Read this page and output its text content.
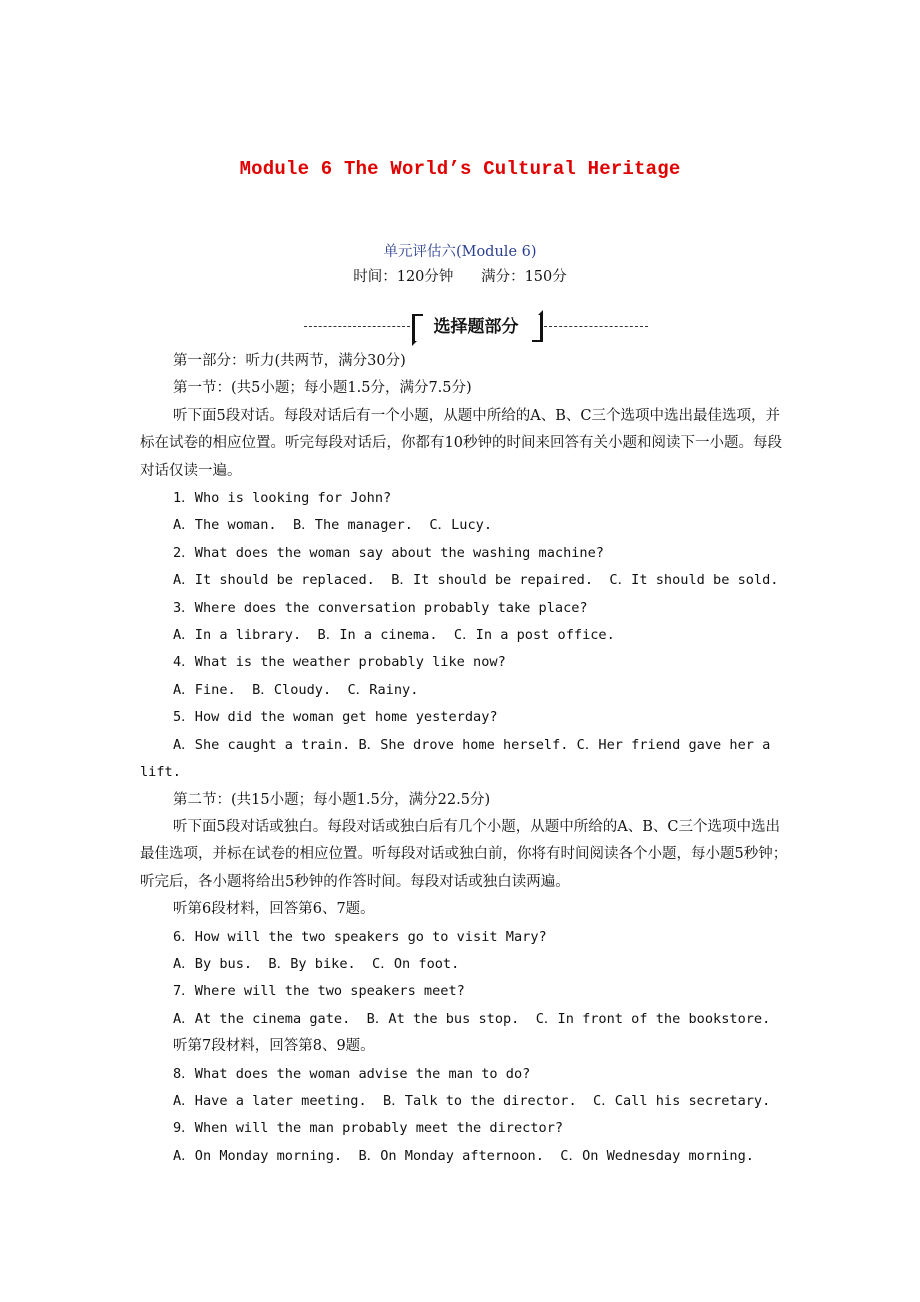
Module 6 The World’s Cultural Heritage
单元评估六(Module 6)
时间：120分钟      满分：150分
选择题部分

第一部分：听力(共两节，满分30分)

第一节：(共5小题；每小题1.5分，满分7.5分)

听下面5段对话。每段对话后有一个小题，从题中所给的A、B、C三个选项中选出最佳选项，并标在试卷的相应位置。听完每段对话后，你都有10秒钟的时间来回答有关小题和阅读下一小题。每段对话仅读一遍。

1．Who is looking for John?

A．The woman.  B．The manager.  C．Lucy.

2．What does the woman say about the washing machine?

A．It should be replaced.  B．It should be repaired.  C．It should be sold.

3．Where does the conversation probably take place?

A．In a library.  B．In a cinema.  C．In a post office.

4．What is the weather probably like now?

A．Fine.  B．Cloudy.  C．Rainy.

5．How did the woman get home yesterday?

A．She caught a train. B．She drove home herself. C．Her friend gave her a lift.

第二节：(共15小题；每小题1.5分，满分22.5分)

听下面5段对话或独白。每段对话或独白后有几个小题，从题中所给的A、B、C三个选项中选出最佳选项，并标在试卷的相应位置。听每段对话或独白前，你将有时间阅读各个小题，每小题5秒钟；听完后，各小题将给出5秒钟的作答时间。每段对话或独白读两遍。

听第6段材料，回答第6、7题。

6．How will the two speakers go to visit Mary?

A．By bus.  B．By bike.  C．On foot.

7．Where will the two speakers meet?

A．At the cinema gate.  B．At the bus stop.  C．In front of the bookstore.

听第7段材料，回答第8、9题。

8．What does the woman advise the man to do?

A．Have a later meeting.  B．Talk to the director.  C．Call his secretary.

9．When will the man probably meet the director?

A．On Monday morning.  B．On Monday afternoon.  C．On Wednesday morning.
